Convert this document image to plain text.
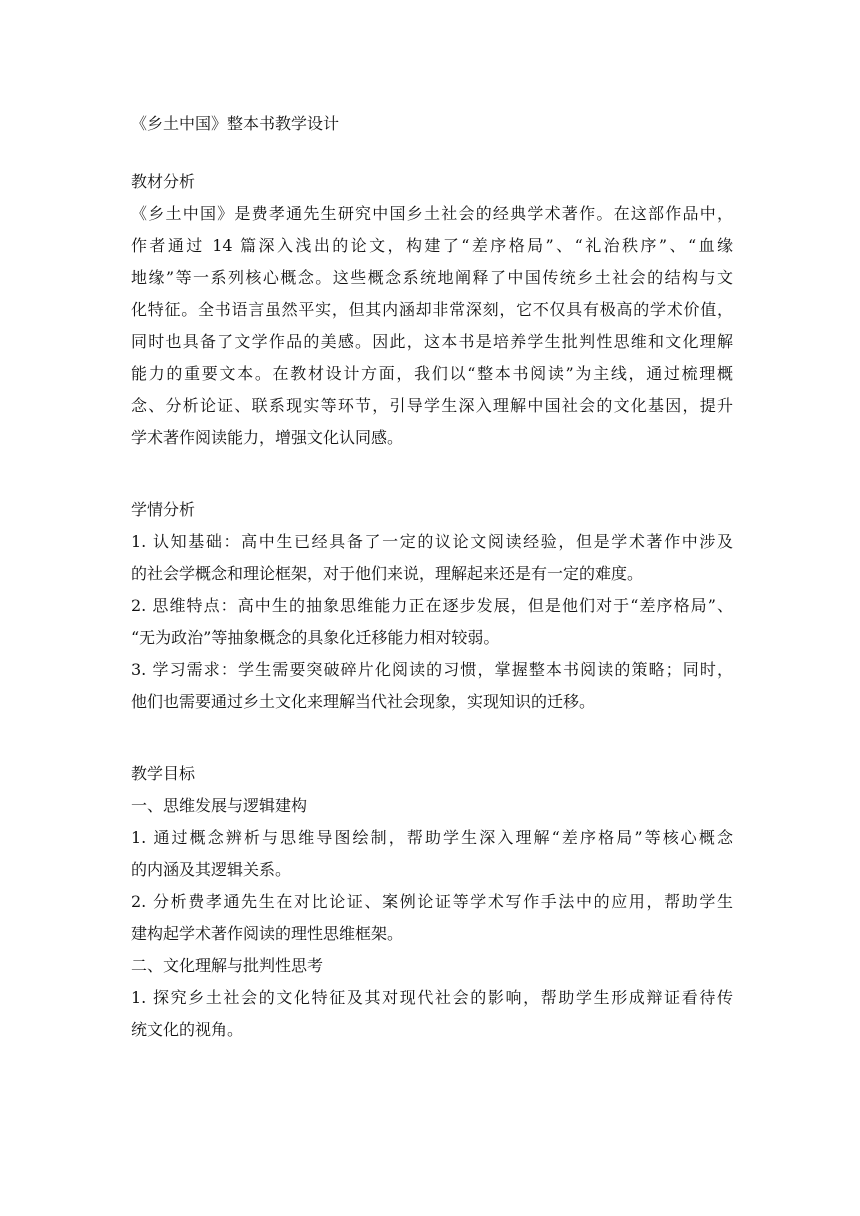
《乡土中国》整本书教学设计
教材分析
《乡土中国》是费孝通先生研究中国乡土社会的经典学术著作。在这部作品中，
作者通过 14 篇深入浅出的论文，构建了“差序格局”、“礼治秩序”、“血缘
地缘”等一系列核心概念。这些概念系统地阐释了中国传统乡土社会的结构与文
化特征。全书语言虽然平实，但其内涵却非常深刻，它不仅具有极高的学术价值，
同时也具备了文学作品的美感。因此，这本书是培养学生批判性思维和文化理解
能力的重要文本。在教材设计方面，我们以“整本书阅读”为主线，通过梳理概
念、分析论证、联系现实等环节，引导学生深入理解中国社会的文化基因，提升
学术著作阅读能力，增强文化认同感。
学情分析
1. 认知基础：高中生已经具备了一定的议论文阅读经验，但是学术著作中涉及
的社会学概念和理论框架，对于他们来说，理解起来还是有一定的难度。
2. 思维特点：高中生的抽象思维能力正在逐步发展，但是他们对于“差序格局”、
“无为政治”等抽象概念的具象化迁移能力相对较弱。
3. 学习需求：学生需要突破碎片化阅读的习惯，掌握整本书阅读的策略；同时，
他们也需要通过乡土文化来理解当代社会现象，实现知识的迁移。
教学目标
一、思维发展与逻辑建构
1. 通过概念辨析与思维导图绘制，帮助学生深入理解“差序格局”等核心概念
的内涵及其逻辑关系。
2. 分析费孝通先生在对比论证、案例论证等学术写作手法中的应用，帮助学生
建构起学术著作阅读的理性思维框架。
二、文化理解与批判性思考
1. 探究乡土社会的文化特征及其对现代社会的影响，帮助学生形成辩证看待传
统文化的视角。
